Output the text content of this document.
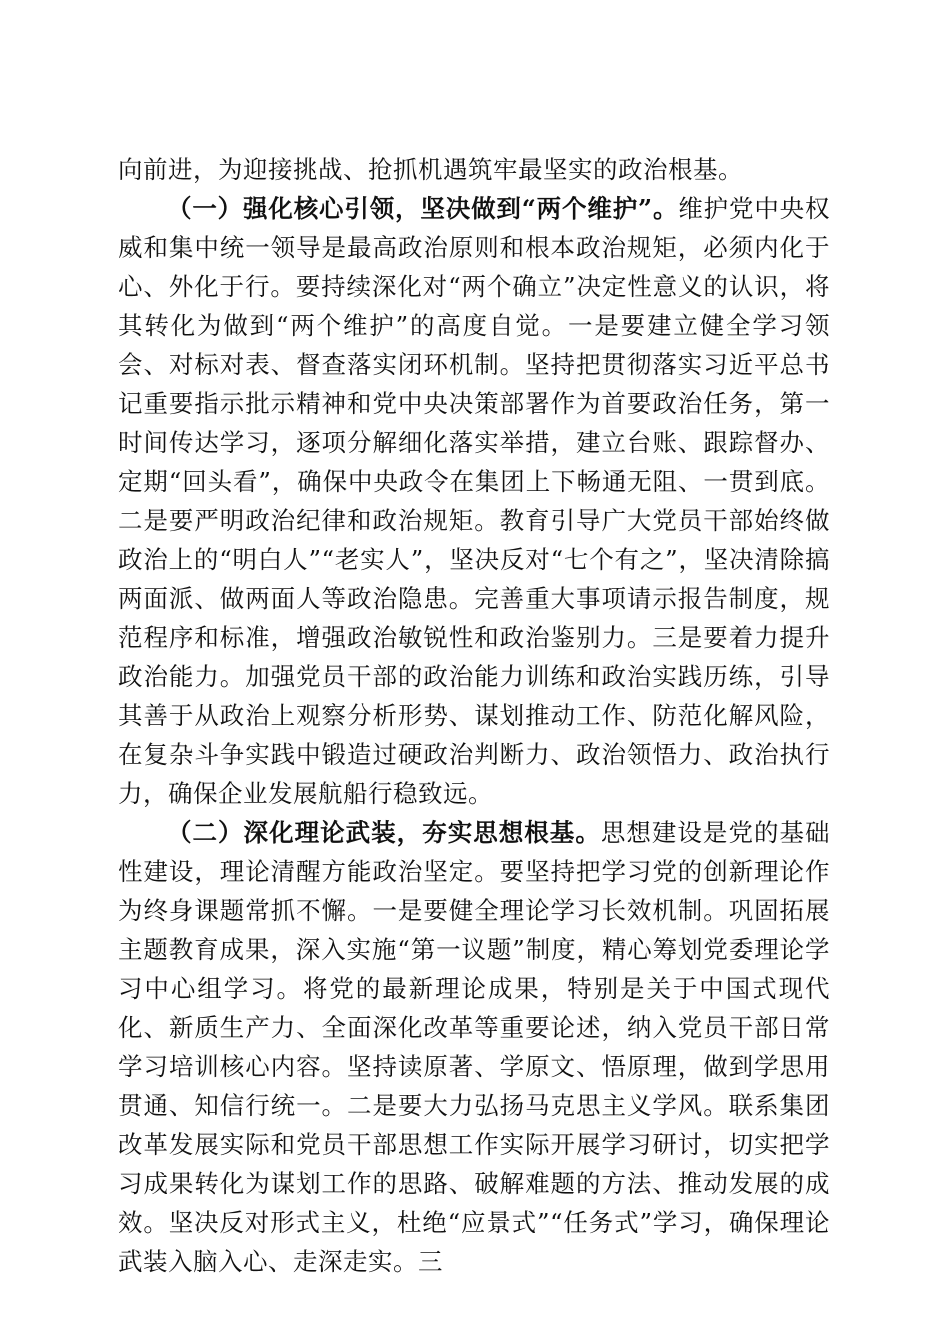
向前进，为迎接挑战、抢抓机遇筑牢最坚实的政治根基。

（一）强化核心引领，坚决做到“两个维护”。维护党中央权威和集中统一领导是最高政治原则和根本政治规矩，必须内化于心、外化于行。要持续深化对“两个确立”决定性意义的认识，将其转化为做到“两个维护”的高度自觉。一是要建立健全学习领会、对标对表、督查落实闭环机制。坚持把贯彻落实习近平总书记重要指示批示精神和党中央决策部署作为首要政治任务，第一时间传达学习，逐项分解细化落实举措，建立台账、跟踪督办、定期“回头看”，确保中央政令在集团上下畅通无阻、一贯到底。二是要严明政治纪律和政治规矩。教育引导广大党员干部始终做政治上的“明白人”“老实人”，坚决反对“七个有之”，坚决清除搞两面派、做两面人等政治隐患。完善重大事项请示报告制度，规范程序和标准，增强政治敏锐性和政治鉴别力。三是要着力提升政治能力。加强党员干部的政治能力训练和政治实践历练，引导其善于从政治上观察分析形势、谋划推动工作、防范化解风险，在复杂斗争实践中锻造过硬政治判断力、政治领悟力、政治执行力，确保企业发展航船行稳致远。

（二）深化理论武装，夯实思想根基。思想建设是党的基础性建设，理论清醒方能政治坚定。要坚持把学习党的创新理论作为终身课题常抓不懈。一是要健全理论学习长效机制。巩固拓展主题教育成果，深入实施“第一议题”制度，精心筹划党委理论学习中心组学习。将党的最新理论成果，特别是关于中国式现代化、新质生产力、全面深化改革等重要论述，纳入党员干部日常学习培训核心内容。坚持读原著、学原文、悟原理，做到学思用贯通、知信行统一。二是要大力弘扬马克思主义学风。联系集团改革发展实际和党员干部思想工作实际开展学习研讨，切实把学习成果转化为谋划工作的思路、破解难题的方法、推动发展的成效。坚决反对形式主义，杜绝“应景式”“任务式”学习，确保理论武装入脑入心、走深走实。三
